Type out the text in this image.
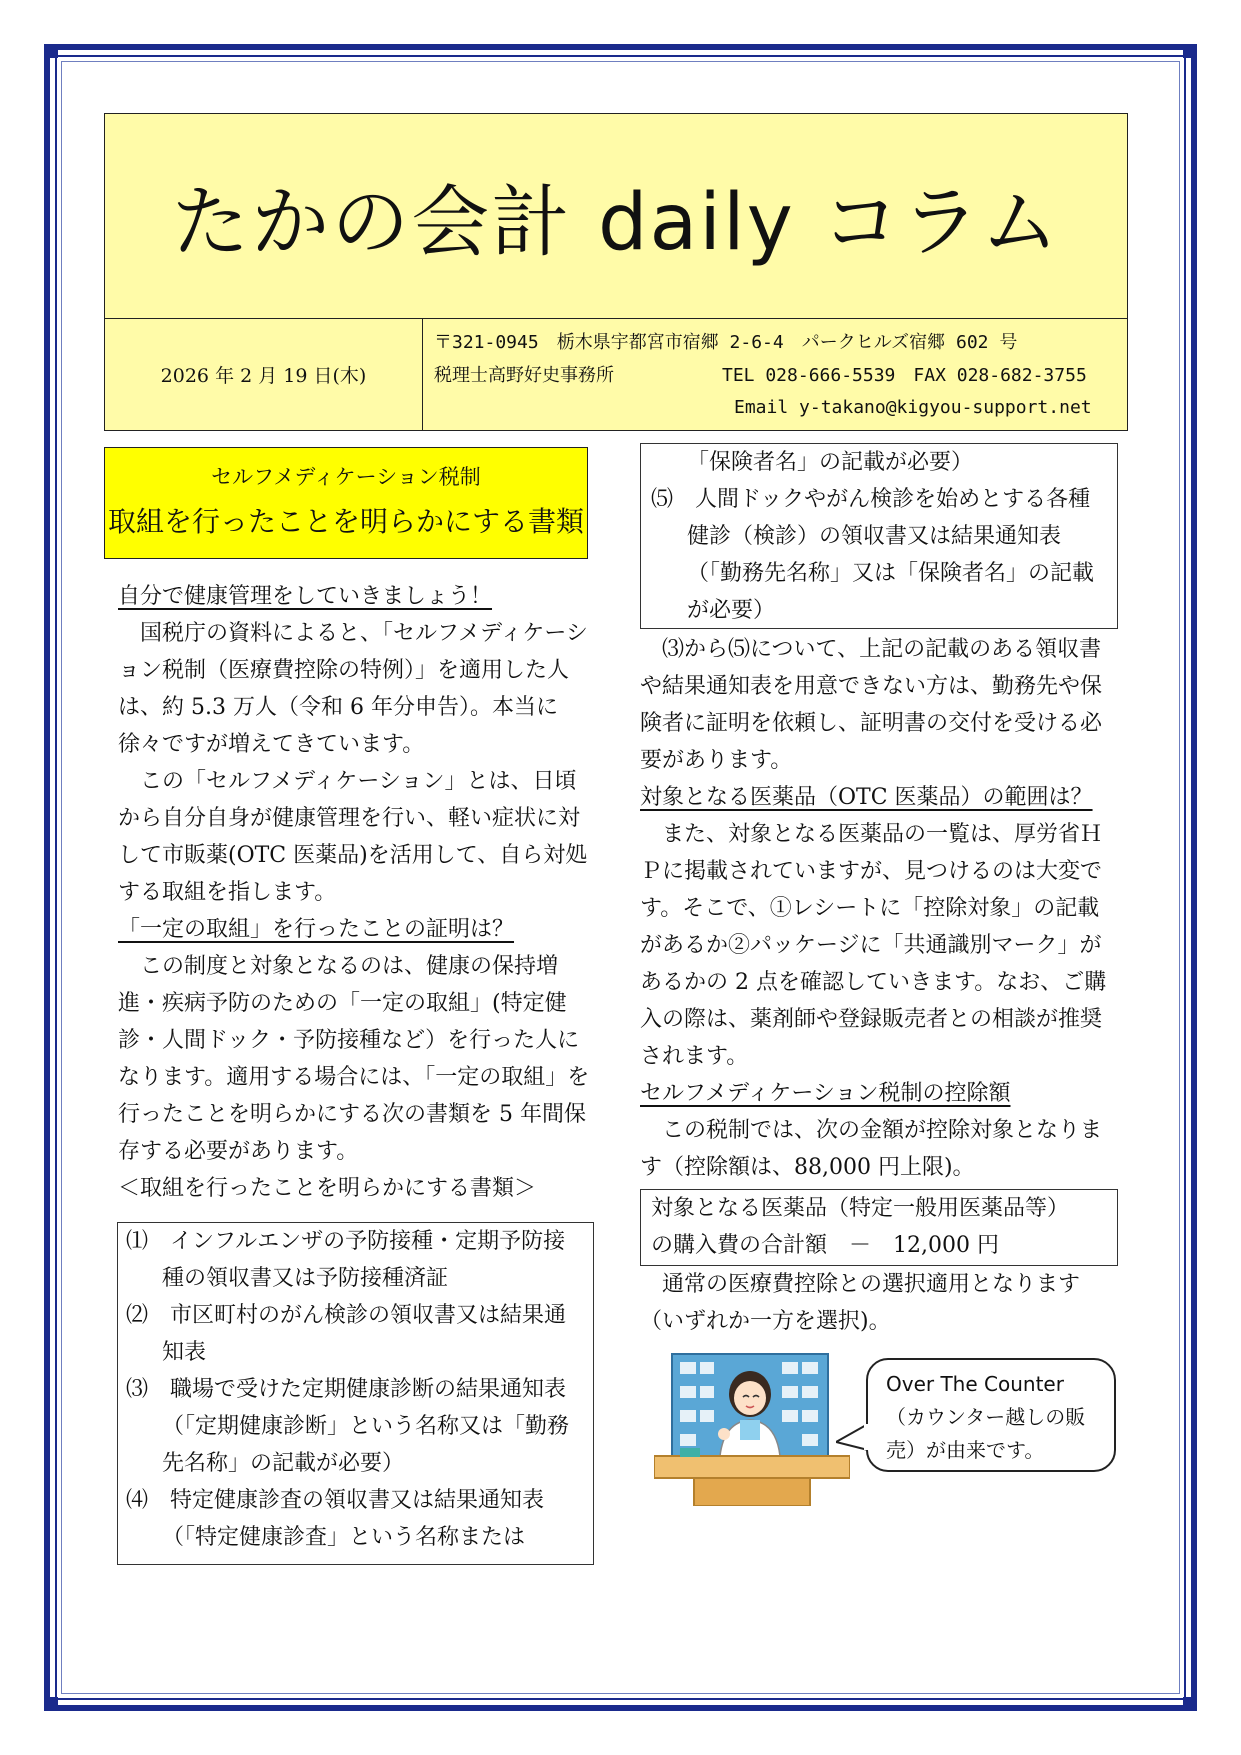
たかの会計 daily コラム
2026 年 2 月 19 日(木)
〒321-0945　栃木県宇都宮市宿郷 2-6-4　パークヒルズ宿郷 602 号
税理士高野好史事務所	TEL 028-666-5539　FAX 028-682-3755
Email y-takano@kigyou-support.net
セルフメディケーション税制
取組を行ったことを明らかにする書類

自分で健康管理をしていきましょう！

国税庁の資料によると、「セルフメディケーション税制（医療費控除の特例）」を適用した人は、約 5.3 万人（令和 6 年分申告）。本当に徐々ですが増えてきています。

この「セルフメディケーション」とは、日頃から自分自身が健康管理を行い、軽い症状に対して市販薬(OTC 医薬品)を活用して、自ら対処する取組を指します。

「一定の取組」を行ったことの証明は？

この制度と対象となるのは、健康の保持増進・疾病予防のための「一定の取組」(特定健診・人間ドック・予防接種など）を行った人になります。適用する場合には、「一定の取組」を行ったことを明らかにする次の書類を 5 年間保存する必要があります。

＜取組を行ったことを明らかにする書類＞

⑴　インフルエンザの予防接種・定期予防接種の領収書又は予防接種済証

⑵　市区町村のがん検診の領収書又は結果通知表

⑶　職場で受けた定期健康診断の結果通知表（「定期健康診断」という名称又は「勤務先名称」の記載が必要）

⑷　特定健康診査の領収書又は結果通知表（「特定健康診査」という名称または

「保険者名」の記載が必要）

⑸　人間ドックやがん検診を始めとする各種健診（検診）の領収書又は結果通知表（「勤務先名称」又は「保険者名」の記載が必要）

⑶から⑸について、上記の記載のある領収書や結果通知表を用意できない方は、勤務先や保険者に証明を依頼し、証明書の交付を受ける必要があります。

対象となる医薬品（OTC 医薬品）の範囲は？

また、対象となる医薬品の一覧は、厚労省ＨＰに掲載されていますが、見つけるのは大変です。そこで、①レシートに「控除対象」の記載があるか②パッケージに「共通識別マーク」があるかの 2 点を確認していきます。なお、ご購入の際は、薬剤師や登録販売者との相談が推奨されます。

セルフメディケーション税制の控除額

この税制では、次の金額が控除対象となります（控除額は、88,000 円上限)。

対象となる医薬品（特定一般用医薬品等）

の購入費の合計額　－　12,000 円

通常の医療費控除との選択適用となります（いずれか一方を選択)。

Over The Counter（カウンター越しの販売）が由来です。
